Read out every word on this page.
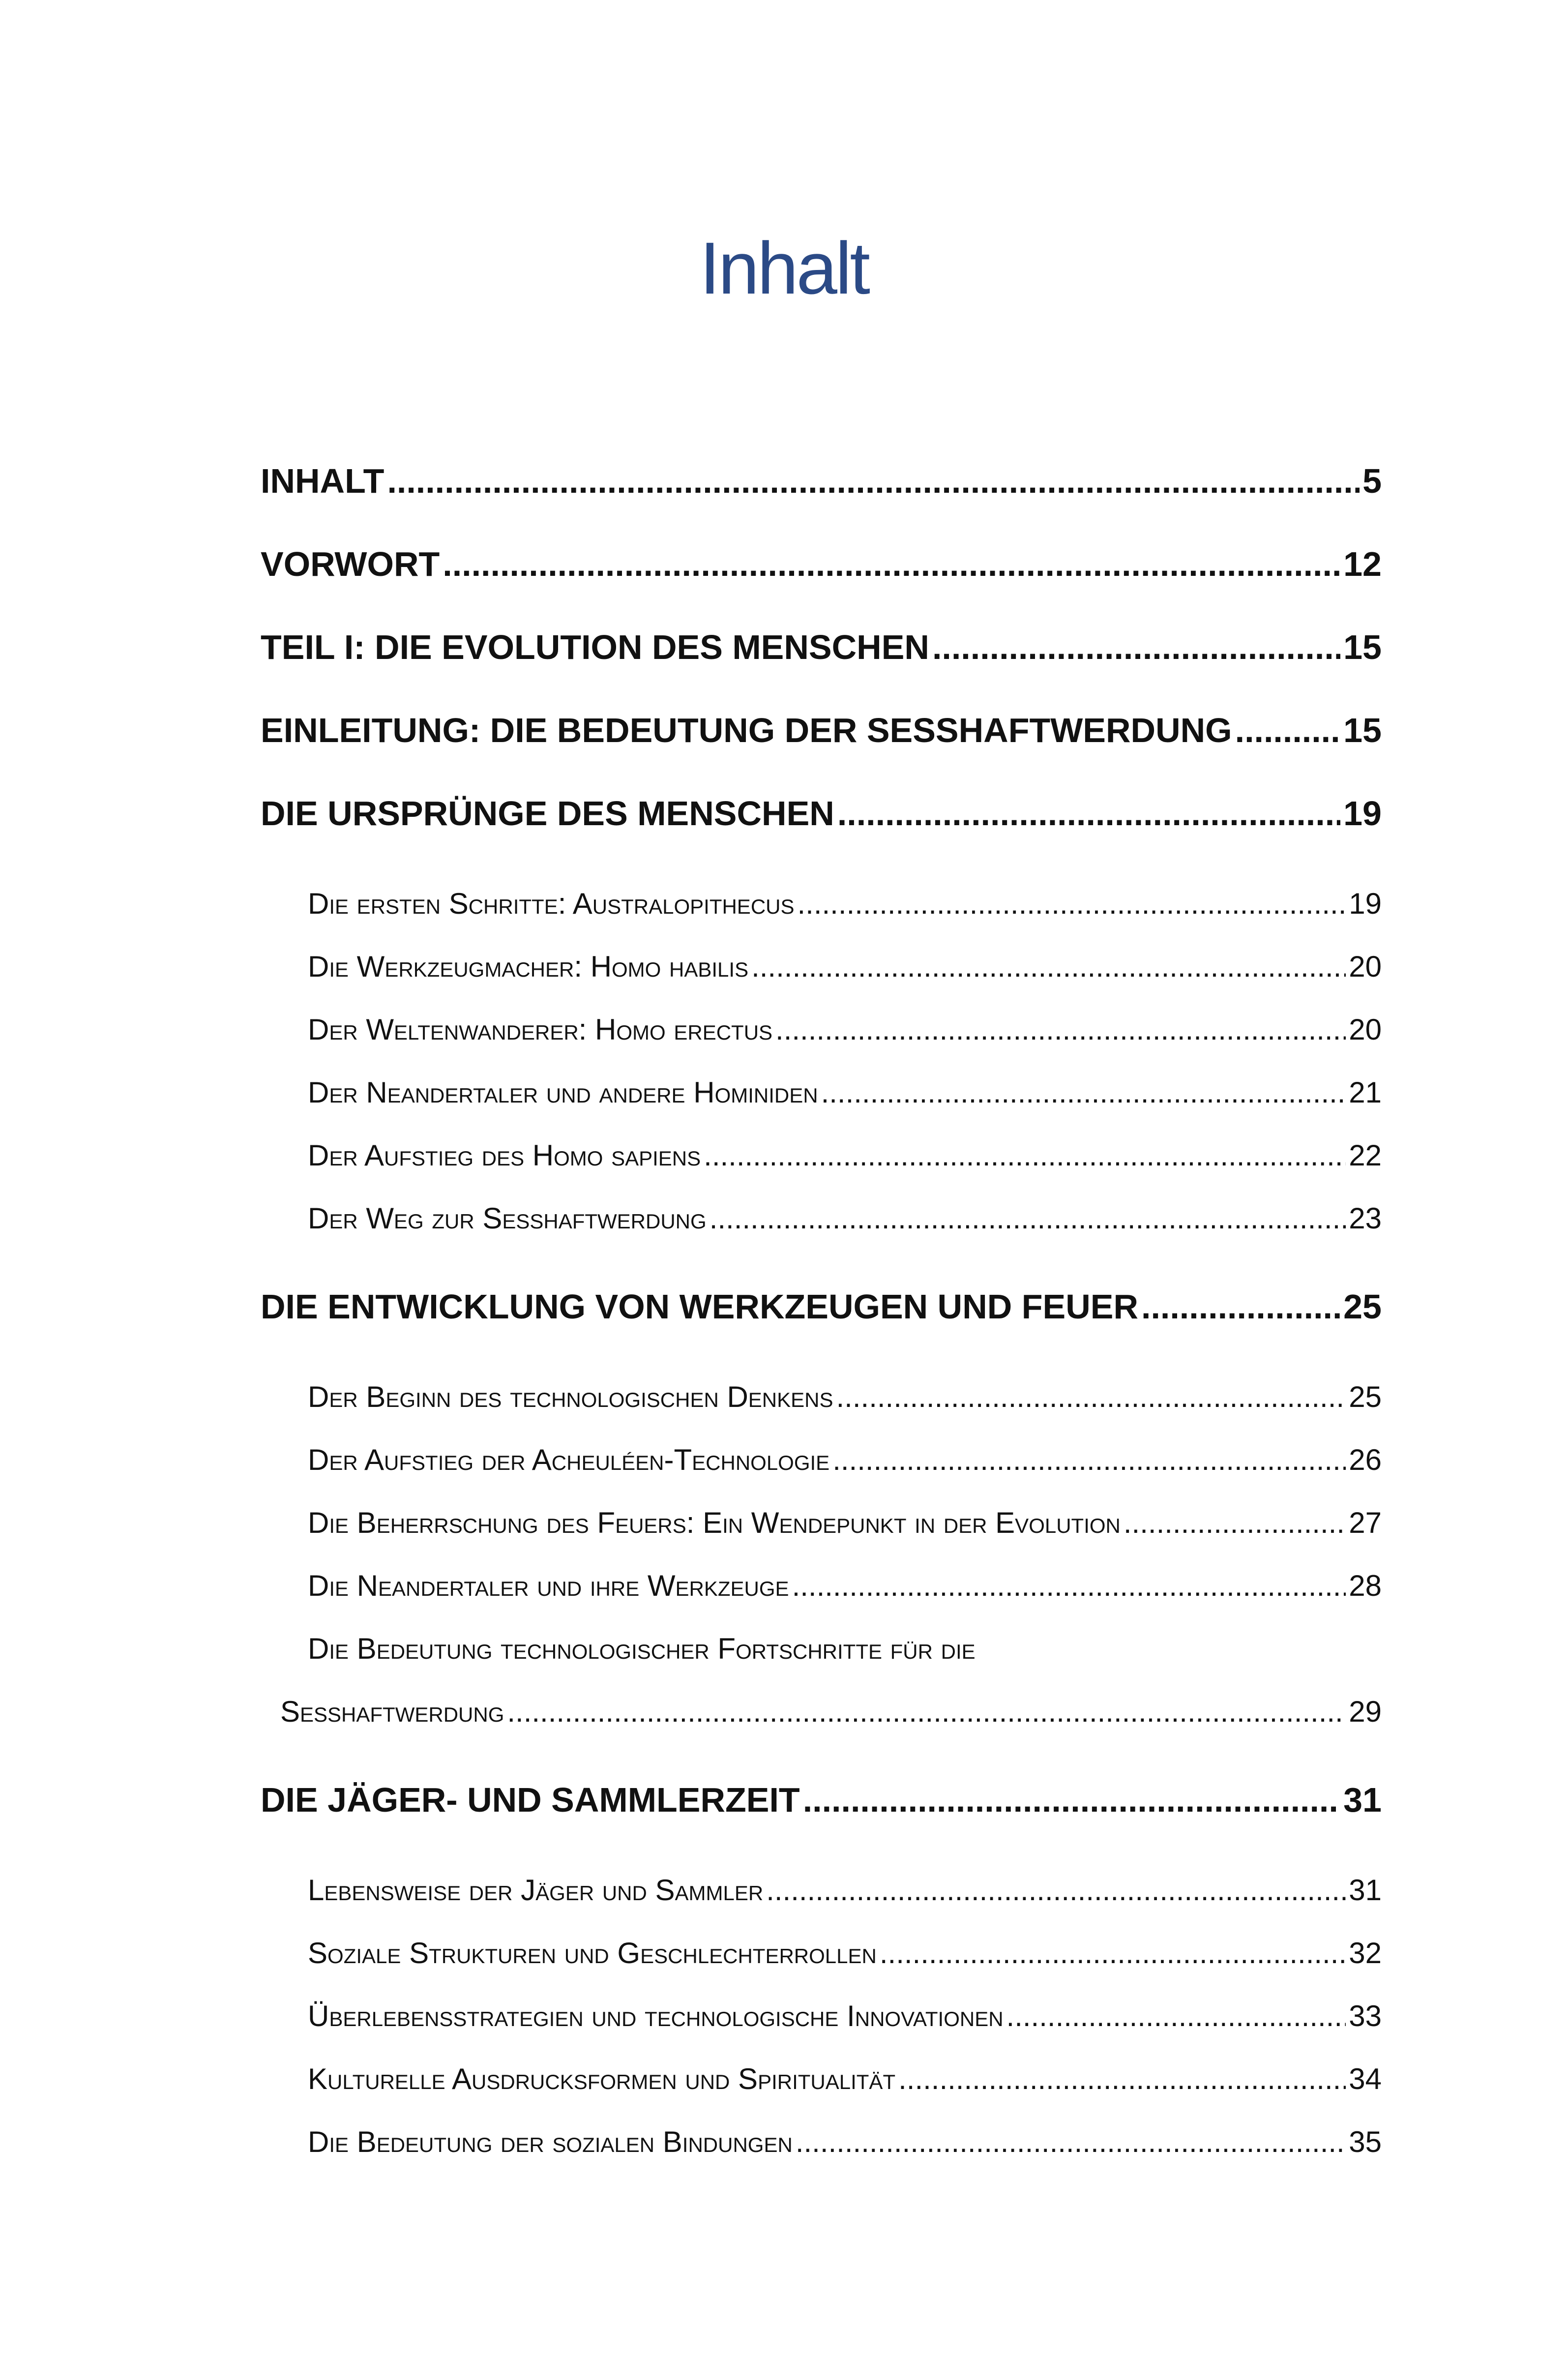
Inhalt
INHALT .....	5
VORWORT .....	12
TEIL I: DIE EVOLUTION DES MENSCHEN .....	15
EINLEITUNG: DIE BEDEUTUNG DER SESSHAFTWERDUNG .....	15
DIE URSPRÜNGE DES MENSCHEN .....	19
Die ersten Schritte: Australopithecus .....	19
Die Werkzeugmacher: Homo habilis .....	20
Der Weltenwanderer: Homo erectus .....	20
Der Neandertaler und andere Hominiden .....	21
Der Aufstieg des Homo sapiens .....	22
Der Weg zur Sesshaftwerdung .....	23
DIE ENTWICKLUNG VON WERKZEUGEN UND FEUER .....	25
Der Beginn des technologischen Denkens .....	25
Der Aufstieg der Acheuléen-Technologie .....	26
Die Beherrschung des Feuers: Ein Wendepunkt in der Evolution .....	27
Die Neandertaler und ihre Werkzeuge .....	28
Die Bedeutung technologischer Fortschritte für die
Sesshaftwerdung .....	29
DIE JÄGER- UND SAMMLERZEIT .....	31
Lebensweise der Jäger und Sammler .....	31
Soziale Strukturen und Geschlechterrollen .....	32
Überlebensstrategien und technologische Innovationen .....	33
Kulturelle Ausdrucksformen und Spiritualität .....	34
Die Bedeutung der sozialen Bindungen .....	35
